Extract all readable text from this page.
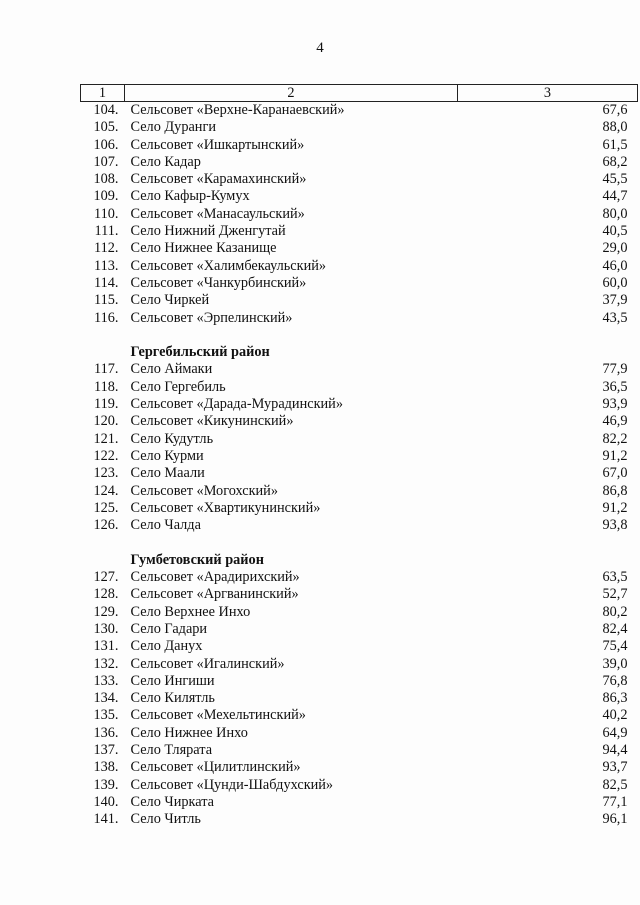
4
1	2	3
104.	Сельсовет «Верхне-Каранаевский»	67,6
105.	Село Дуранги	88,0
106.	Сельсовет «Ишкартынский»	61,5
107.	Село Кадар	68,2
108.	Сельсовет «Карамахинский»	45,5
109.	Село Кафыр-Кумух	44,7
110.	Сельсовет «Манасаульский»	80,0
111.	Село Нижний Дженгутай	40,5
112.	Село Нижнее Казанище	29,0
113.	Сельсовет «Халимбекаульский»	46,0
114.	Сельсовет «Чанкурбинский»	60,0
115.	Село Чиркей	37,9
116.	Сельсовет «Эрпелинский»	43,5

	Гергебильский район	
117.	Село Аймаки	77,9
118.	Село Гергебиль	36,5
119.	Сельсовет «Дарада-Мурадинский»	93,9
120.	Сельсовет «Кикунинский»	46,9
121.	Село Кудутль	82,2
122.	Село Курми	91,2
123.	Село Маали	67,0
124.	Сельсовет «Могохский»	86,8
125.	Сельсовет «Хвартикунинский»	91,2
126.	Село Чалда	93,8

	Гумбетовский район	
127.	Сельсовет «Арадирихский»	63,5
128.	Сельсовет «Аргванинский»	52,7
129.	Село Верхнее Инхо	80,2
130.	Село Гадари	82,4
131.	Село Данух	75,4
132.	Сельсовет «Игалинский»	39,0
133.	Село Ингиши	76,8
134.	Село Килятль	86,3
135.	Сельсовет «Мехельтинский»	40,2
136.	Село Нижнее Инхо	64,9
137.	Село Тлярата	94,4
138.	Сельсовет «Цилитлинский»	93,7
139.	Сельсовет «Цунди-Шабдухский»	82,5
140.	Село Чирката	77,1
141.	Село Читль	96,1
